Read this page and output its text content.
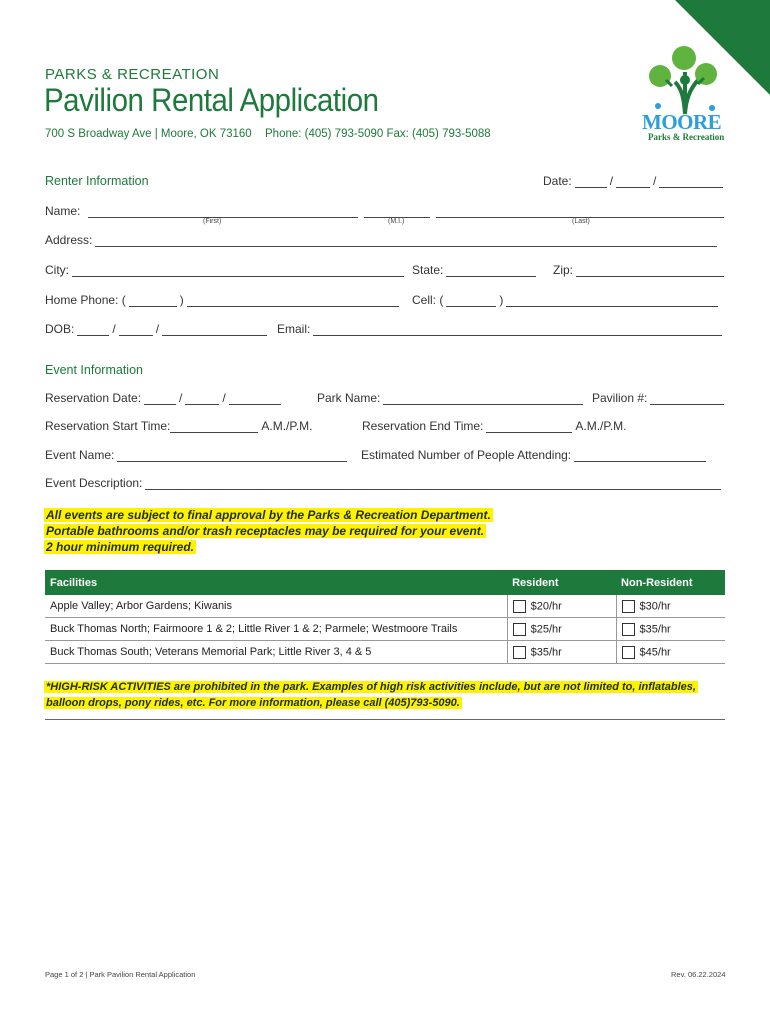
MOORE
Parks & Recreation
PARKS & RECREATION
Pavilion Rental Application
700 S Broadway Ave | Moore, OK 73160 Phone: (405) 793-5090 Fax: (405) 793-5088
Renter Information	Date:	/	/
Name:
(First)	(M.I.)	(Last)
Address:
City:	State:	Zip:
Home Phone: (	)	Cell: (	)
DOB:	/	/	Email:
Event Information
Reservation Date:	/	/	Park Name:	Pavilion #:
Reservation Start Time:	A.M./P.M.	Reservation End Time:	A.M./P.M.
Event Name:	Estimated Number of People Attending:
Event Description:
All events are subject to final approval by the Parks & Recreation Department.
Portable bathrooms and/or trash receptacles may be required for your event.
2 hour minimum required.
Facilities	Resident	Non-Resident
Apple Valley; Arbor Gardens; Kiwanis	$20/hr	$30/hr
Buck Thomas North; Fairmoore 1 & 2; Little River 1 & 2; Parmele; Westmoore Trails	$25/hr	$35/hr
Buck Thomas South; Veterans Memorial Park; Little River 3, 4 & 5	$35/hr	$45/hr
*HIGH-RISK ACTIVITIES are prohibited in the park. Examples of high risk activities include, but are not limited to, inflatables,
balloon drops, pony rides, etc. For more information, please call (405)793-5090.
Page 1 of 2 | Park Pavilion Rental Application	Rev. 06.22.2024
